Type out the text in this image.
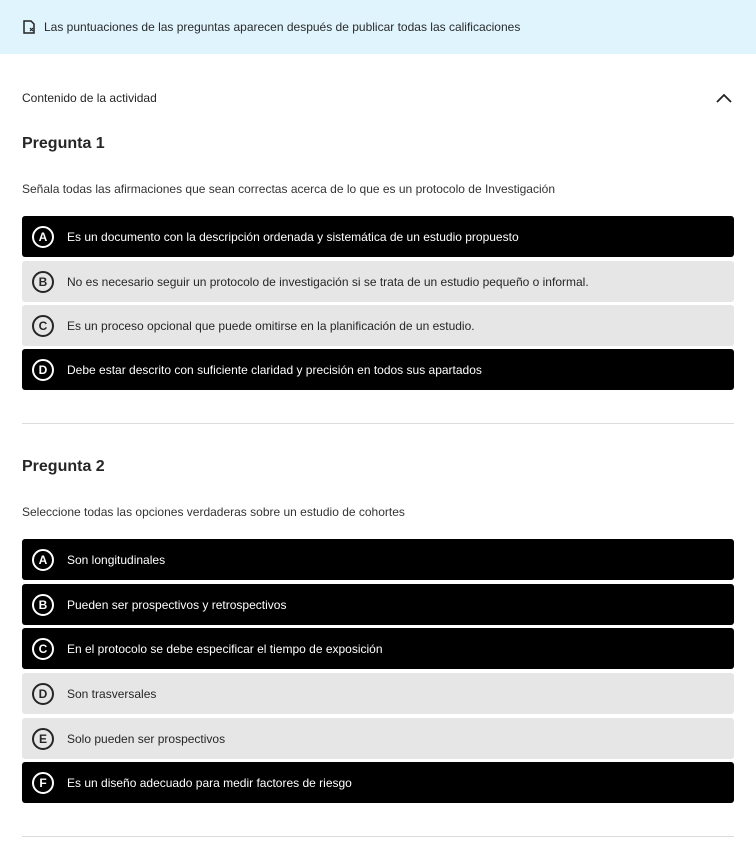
Las puntuaciones de las preguntas aparecen después de publicar todas las calificaciones
Contenido de la actividad
Pregunta 1
Señala todas las afirmaciones que sean correctas acerca de lo que es un protocolo de Investigación
A	Es un documento con la descripción ordenada y sistemática de un estudio propuesto
B	No es necesario seguir un protocolo de investigación si se trata de un estudio pequeño o informal.
C	Es un proceso opcional que puede omitirse en la planificación de un estudio.
D	Debe estar descrito con suficiente claridad y precisión en todos sus apartados
Pregunta 2
Seleccione todas las opciones verdaderas sobre un estudio de cohortes
A	Son longitudinales
B	Pueden ser prospectivos y retrospectivos
C	En el protocolo se debe especificar el tiempo de exposición
D	Son trasversales
E	Solo pueden ser prospectivos
F	Es un diseño adecuado para medir factores de riesgo
